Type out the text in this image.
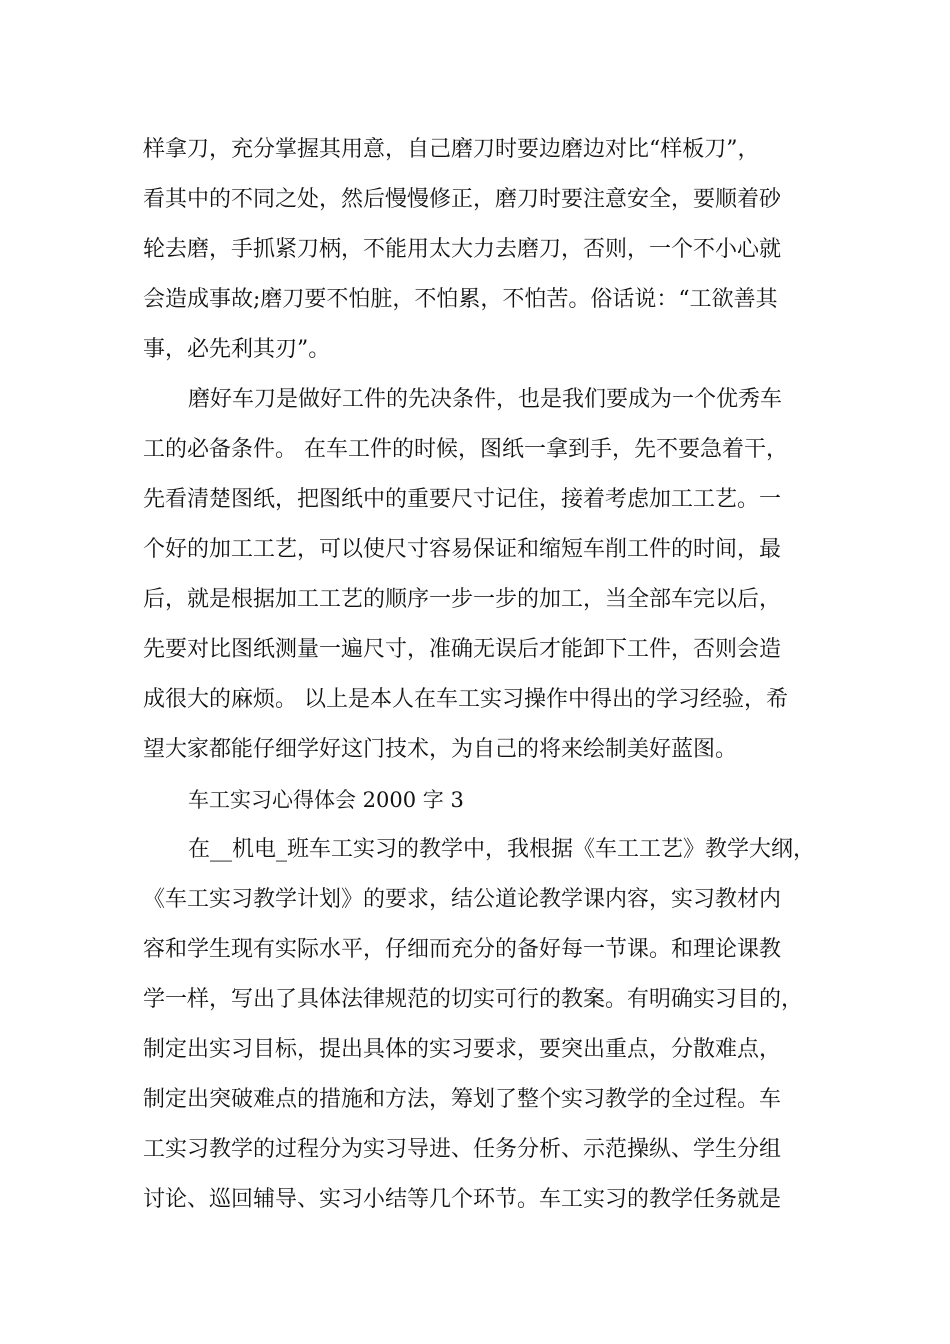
样拿刀，充分掌握其用意，自己磨刀时要边磨边对比“样板刀”，
看其中的不同之处，然后慢慢修正，磨刀时要注意安全，要顺着砂
轮去磨，手抓紧刀柄，不能用太大力去磨刀，否则，一个不小心就
会造成事故;磨刀要不怕脏，不怕累，不怕苦。俗话说：“工欲善其
事，必先利其刃”。
磨好车刀是做好工件的先决条件，也是我们要成为一个优秀车
工的必备条件。 在车工件的时候，图纸一拿到手，先不要急着干，
先看清楚图纸，把图纸中的重要尺寸记住，接着考虑加工工艺。一
个好的加工工艺，可以使尺寸容易保证和缩短车削工件的时间，最
后，就是根据加工工艺的顺序一步一步的加工，当全部车完以后，
先要对比图纸测量一遍尺寸，准确无误后才能卸下工件，否则会造
成很大的麻烦。 以上是本人在车工实习操作中得出的学习经验，希
望大家都能仔细学好这门技术，为自己的将来绘制美好蓝图。
车工实习心得体会 2000 字 3
在__机电_班车工实习的教学中，我根据《车工工艺》教学大纲，
《车工实习教学计划》的要求，结公道论教学课内容，实习教材内
容和学生现有实际水平，仔细而充分的备好每一节课。和理论课教
学一样，写出了具体法律规范的切实可行的教案。有明确实习目的，
制定出实习目标，提出具体的实习要求，要突出重点，分散难点，
制定出突破难点的措施和方法，筹划了整个实习教学的全过程。车
工实习教学的过程分为实习导进、任务分析、示范操纵、学生分组
讨论、巡回辅导、实习小结等几个环节。车工实习的教学任务就是
